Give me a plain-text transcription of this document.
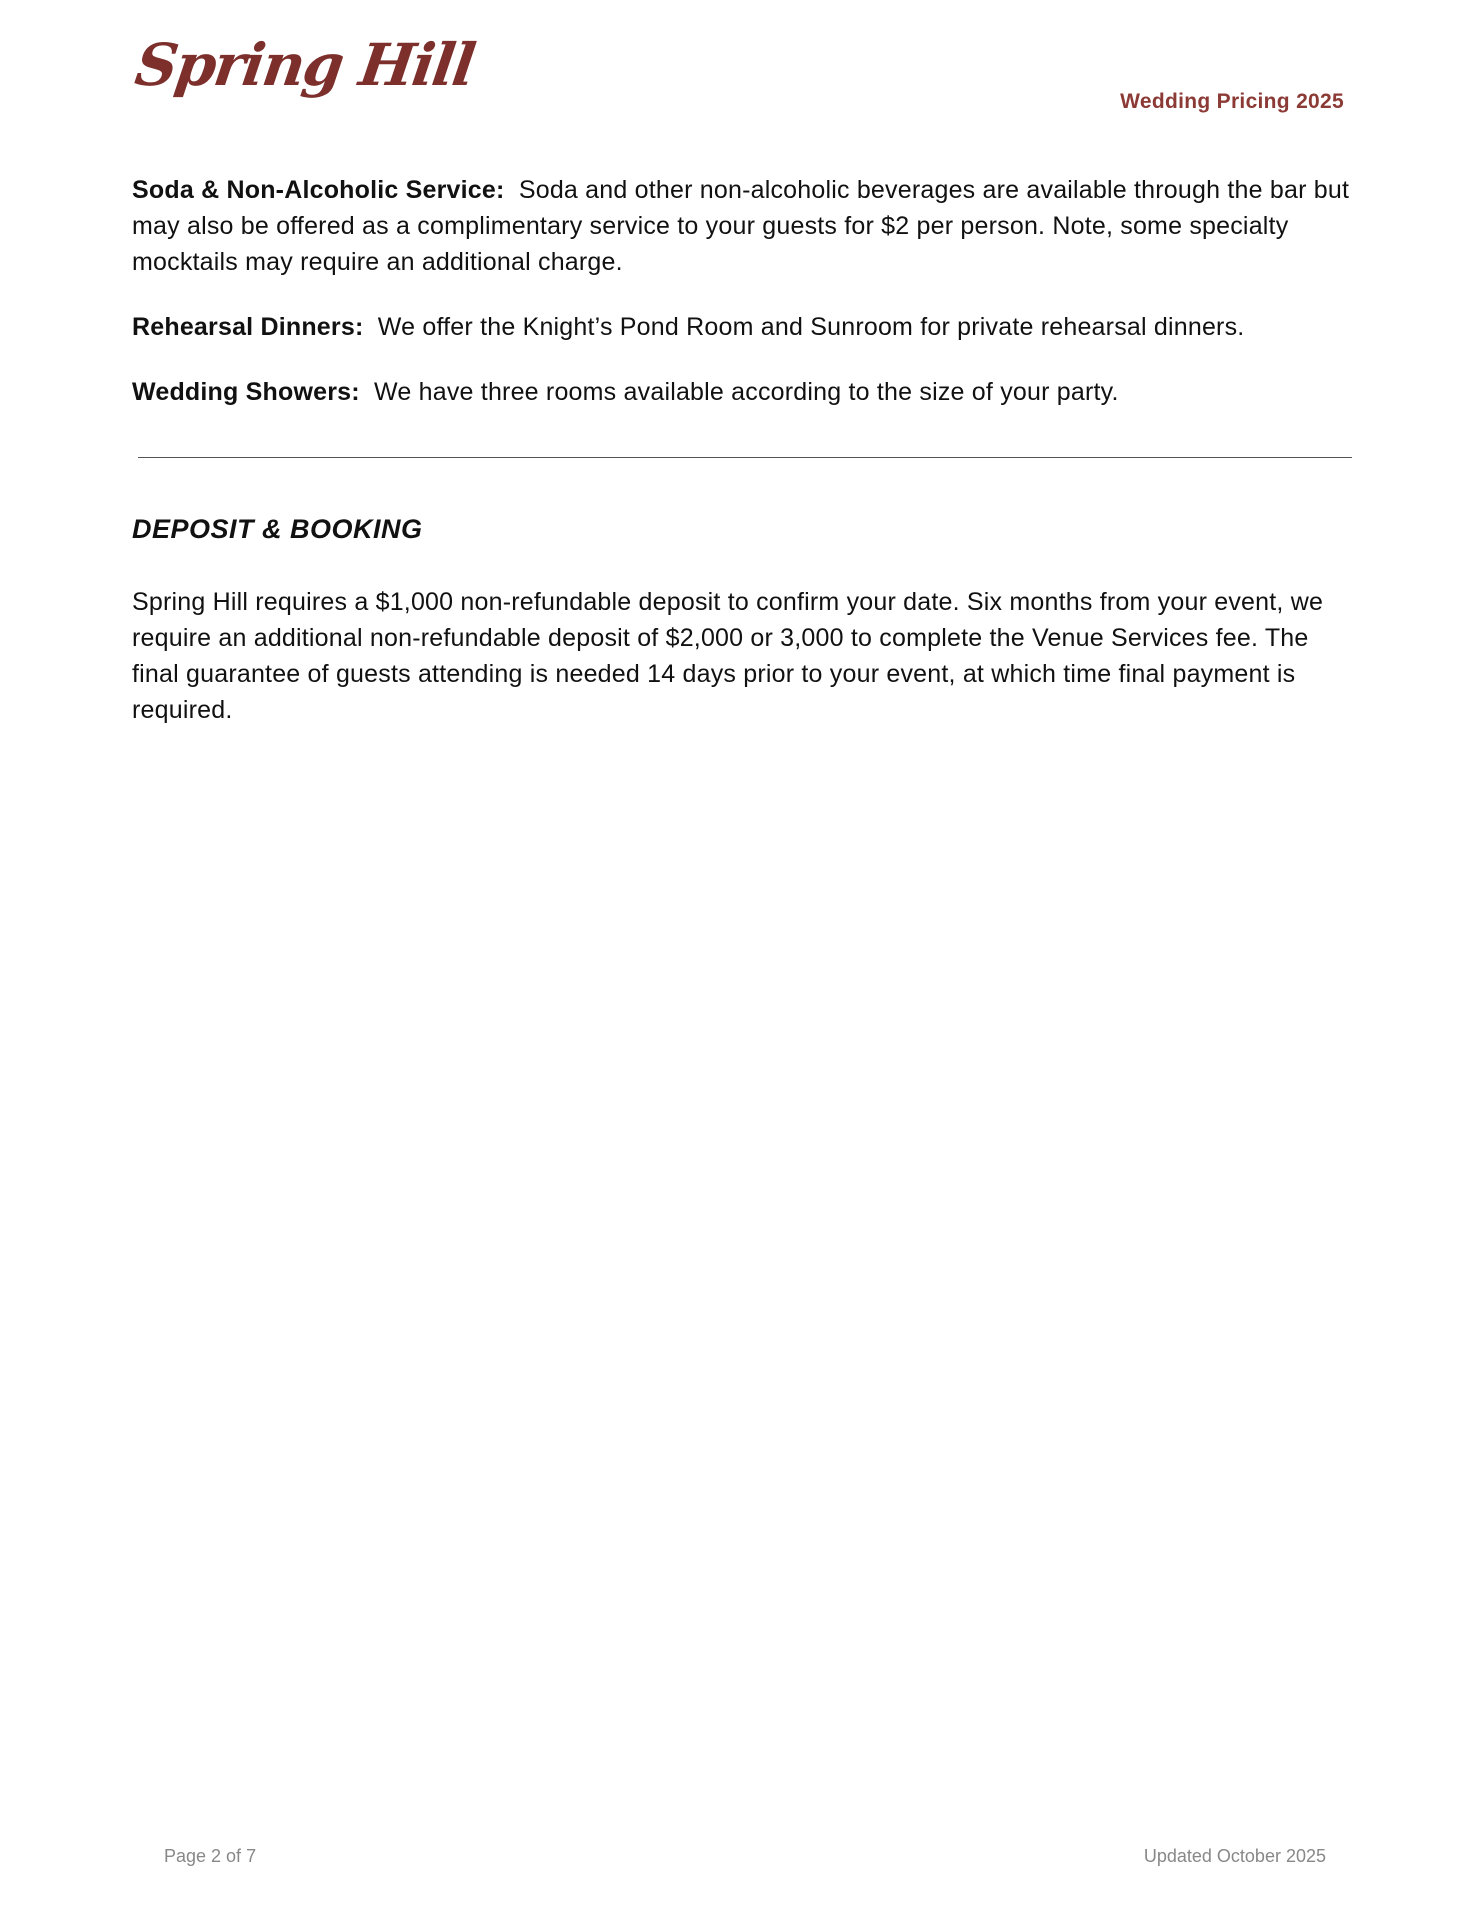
Spring Hill
Wedding Pricing 2025

Soda & Non-Alcoholic Service: Soda and other non-alcoholic beverages are available through the bar but may also be offered as a complimentary service to your guests for $2 per person. Note, some specialty mocktails may require an additional charge.

Rehearsal Dinners: We offer the Knight’s Pond Room and Sunroom for private rehearsal dinners.

Wedding Showers: We have three rooms available according to the size of your party.

DEPOSIT & BOOKING
Spring Hill requires a $1,000 non-refundable deposit to confirm your date. Six months from your event, we require an additional non-refundable deposit of $2,000 or 3,000 to complete the Venue Services fee. The final guarantee of guests attending is needed 14 days prior to your event, at which time final payment is required.
Page 2 of 7	Updated October 2025
